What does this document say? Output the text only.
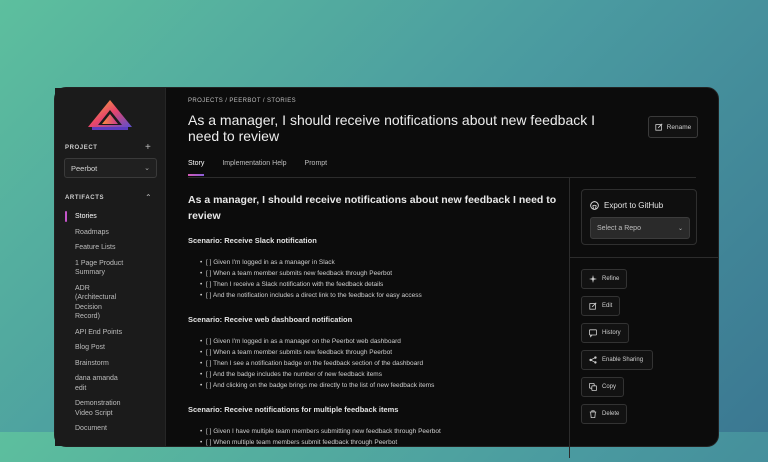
PROJECT	+
Peerbot	⌄
ARTIFACTS	⌃
Stories
Roadmaps
Feature Lists
1 Page Product Summary
ADR (Architectural Decision Record)
API End Points
Blog Post
Brainstorm
dana amanda edit
Demonstration Video Script
Document
PROJECTS / PEERBOT / STORIES
As a manager, I should receive notifications about new feedback I need to review
Rename
Story	Implementation Help	Prompt
As a manager, I should receive notifications about new feedback I need to review
Scenario: Receive Slack notification
• [ ] Given I'm logged in as a manager in Slack
• [ ] When a team member submits new feedback through Peerbot
• [ ] Then I receive a Slack notification with the feedback details
• [ ] And the notification includes a direct link to the feedback for easy access
Scenario: Receive web dashboard notification
• [ ] Given I'm logged in as a manager on the Peerbot web dashboard
• [ ] When a team member submits new feedback through Peerbot
• [ ] Then I see a notification badge on the feedback section of the dashboard
• [ ] And the badge includes the number of new feedback items
• [ ] And clicking on the badge brings me directly to the list of new feedback items
Scenario: Receive notifications for multiple feedback items
• [ ] Given I have multiple team members submitting new feedback through Peerbot
• [ ] When multiple team members submit feedback through Peerbot
Export to GitHub
Select a Repo	⌄
Refine
Edit
History
Enable Sharing
Copy
Delete
